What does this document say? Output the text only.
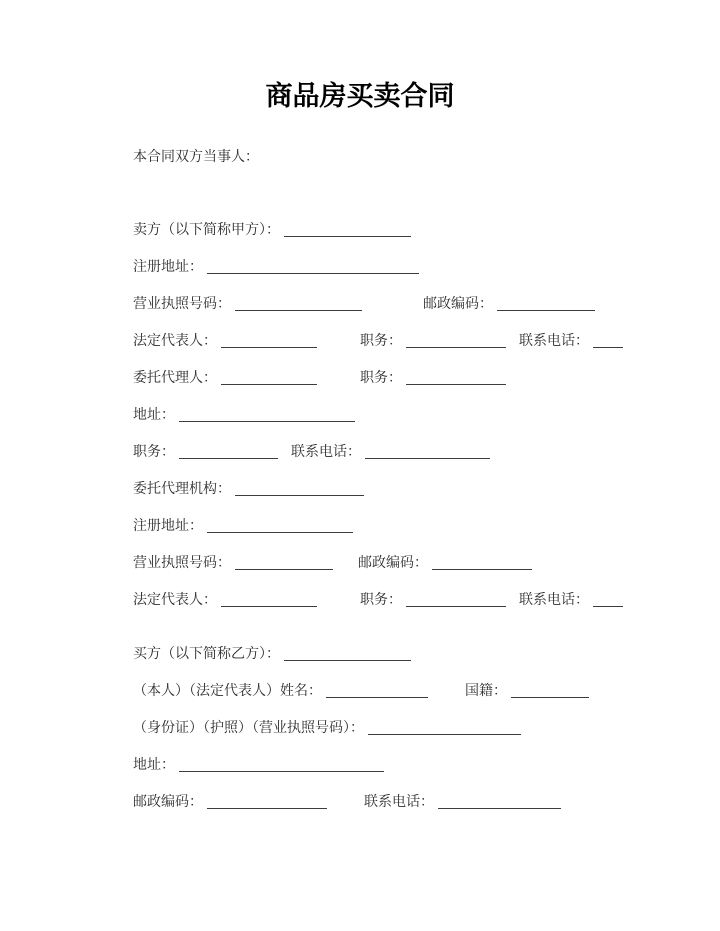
商品房买卖合同

本合同双方当事人：

卖方（以下简称甲方）：
注册地址：
营业执照号码：	邮政编码：
法定代表人：	职务：	联系电话：
委托代理人：	职务：
地址：
职务：	联系电话：
委托代理机构：
注册地址：
营业执照号码：	邮政编码：
法定代表人：	职务：	联系电话：
买方（以下简称乙方）：
（本人）（法定代表人）姓名：	国籍：
（身份证）（护照）（营业执照号码）：
地址：
邮政编码：	联系电话：
